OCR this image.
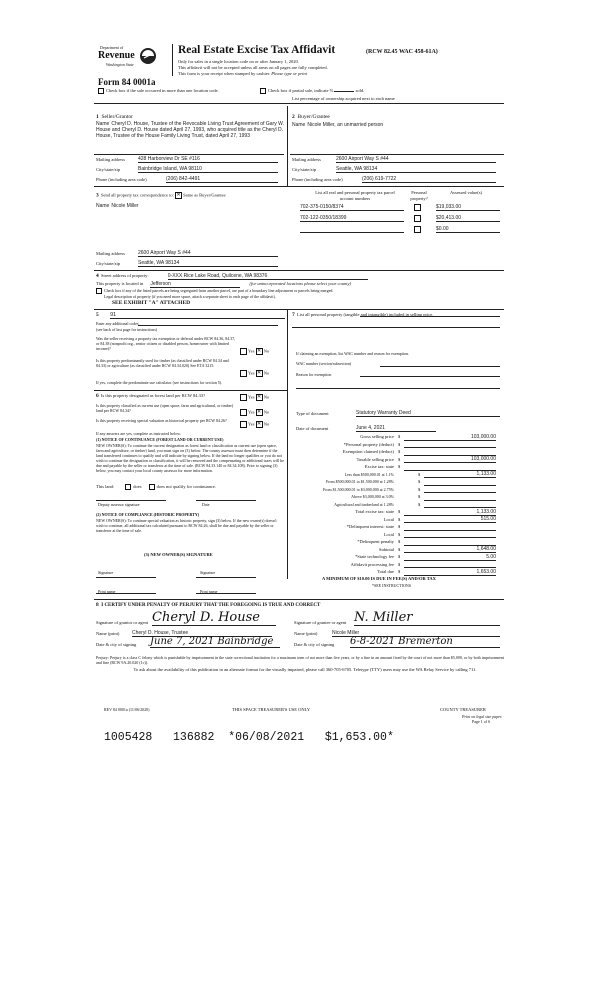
Department of
Revenue
Washington State
Form 84 0001a
Real Estate Excise Tax Affidavit	(RCW 82.45 WAC 458-61A)
Only for sales in a single location code on or after January 1, 2020.
This affidavit will not be accepted unless all areas on all pages are fully completed.
This form is your receipt when stamped by cashier. Please type or print
Check box if the sale occurred in more than one location code.	Check box if partial sale, indicate %	sold.
List percentage of ownership acquired next to each name
1 Seller/Grantor
Name Cheryl D. House, Trustee of the Revocable Living Trust Agreement of Gary W. House and Cheryl D. House dated April 27, 1993, who acquired title as the Cheryl D. House, Trustee of the House Family Living Trust, dated April 27, 1993
Mailing address	428 Harborview Dr SE #116
City/state/zip	Bainbridge Island, WA 98110
Phone (including area code)	(206) 842-4491
2 Buyer/Grantee
Name Nicole Miller, an unmarried person
Mailing address	2600 Airport Way S #44
City/state/zip	Seattle, WA 98134
Phone (including area code)	(206) 619-7722
3 Send all property tax correspondence to: ✕ Same as Buyer/Grantee
Name Nicole Miller
Mailing address	2600 Airport Way S #44
City/state/zip	Seattle, WA 98134
List all real and personal property tax parcel account numbers
Personal property?
Assessed value(s)
702-375-0150/8374	$19,033.00
702-122-0350/18399	$20,413.00
$0.00
4 Street address of property:	0-XXX Rice Lake Road, Quilcene, WA 98376
This property is located in Jefferson	(for unincorporated locations please select your county)
Check box if any of the listed parcels are being segregated from another parcel, are part of a boundary line adjustment or parcels being merged.
Legal description of property (if you need more space, attach a separate sheet to each page of the affidavit).
SEE EXHIBIT "A" ATTACHED
5 91
Enter any additional codes
(see back of last page for instructions)
Was the seller receiving a property tax exemption or deferral under RCW 84.36, 84.37, or 84.38 (nonprofit org., senior citizen or disabled person, homeowner with limited income)?
Yes ✕ No
Is this property predominantly used for timber (as classified under RCW 84.34 and 84.33) or agriculture (as classified under RCW 84.34.020) See ETA 3215.
Yes ✕ No
If yes, complete the predominate use calculator (see instructions for section 5).
6 Is this property designated as forest land per RCW 84.33?	Yes ✕ No
Is this property classified as current use (open space, farm and agricultural, or timber) land per RCW 84.34?	Yes ✕ No
Is this property receiving special valuation as historical property per RCW 84.26?
Yes ✕ No
If any answers are yes, complete as instructed below.
(1) NOTICE OF CONTINUANCE (FOREST LAND OR CURRENT USE)
NEW OWNER(S): To continue the current designation as forest land or classification as current use (open space, farm and agriculture, or timber) land, you must sign on (3) below. The county assessor must then determine if the land transferred continues to qualify and will indicate by signing below. If the land no longer qualifies or you do not wish to continue the designation or classification, it will be removed and the compensating or additional taxes will be due and payable by the seller or transferor at the time of sale. (RCW 84.33.140 or 84.34.108). Prior to signing (3) below, you may contact your local county assessor for more information.
This land:	does	does not qualify for continuance.
Deputy assessor signature	Date
(2) NOTICE OF COMPLIANCE (HISTORIC PROPERTY)
NEW OWNER(S): To continue special valuation as historic property, sign (3) below. If the new owner(s) doesn't wish to continue, all additional tax calculated pursuant to RCW 84.26, shall be due and payable by the seller or transferor at the time of sale.
(3) NEW OWNER(S) SIGNATURE
Signature	Signature
Print name	Print name
7 List all personal property (tangible and intangible) included in selling price.
If claiming an exemption, list WAC number and reason for exemption.
WAC number (section/subsection)
Reason for exemption
Type of document	Statutory Warranty Deed
Date of document	June 4, 2021
Gross selling price $	103,000.00
*Personal property (deduct) $
Exemption claimed (deduct) $
Taxable selling price $	103,000.00
Excise tax: state $
Less than $500,000.01 at 1.1%	$	1,133.00
From $500,000.01 to $1,500,000 at 1.28%	$
From $1,500,000.01 to $3,000,000 at 2.75%	$
Above $3,000,000 at 3.0%	$
Agricultural and timberland at 1.28%	$
Total excise tax: state $	1,133.00
Local $	515.00
*Delinquent interest: state $
Local $
*Delinquent penalty $
Subtotal $	1,648.00
*State technology fee $	5.00
Affidavit processing fee $
Total due $	1,653.00
A MINIMUM OF $10.00 IS DUE IN FEE(S) AND/OR TAX
*SEE INSTRUCTIONS
8 I CERTIFY UNDER PENALTY OF PERJURY THAT THE FOREGOING IS TRUE AND CORRECT
Signature of grantor or agent Cheryl D. House
Name (print)	Cheryl D. House, Trustee
Date & city of signing June 7, 2021 Bainbridge
Signature of grantee or agent N. Miller
Name (print)	Nicole Miller
Date & city of signing 6-8-2021 Bremerton
Perjury: Perjury is a class C felony which is punishable by imprisonment in the state correctional institution for a maximum term of not more than five years, or by a fine in an amount fixed by the court of not more than $5,000, or by both imprisonment and fine (RCW 9A.20.020 (1c)).
To ask about the availability of this publication in an alternate format for the visually impaired, please call 360-705-6705. Teletype (TTY) users may use the WA Relay Service by calling 711.
REV 84 0001a (11/06/2020)	THIS SPACE TREASURER'S USE ONLY	COUNTY TREASURER
Print on legal size paper.
Page 1 of 6
1005428   136882  *06/08/2021   $1,653.00*
